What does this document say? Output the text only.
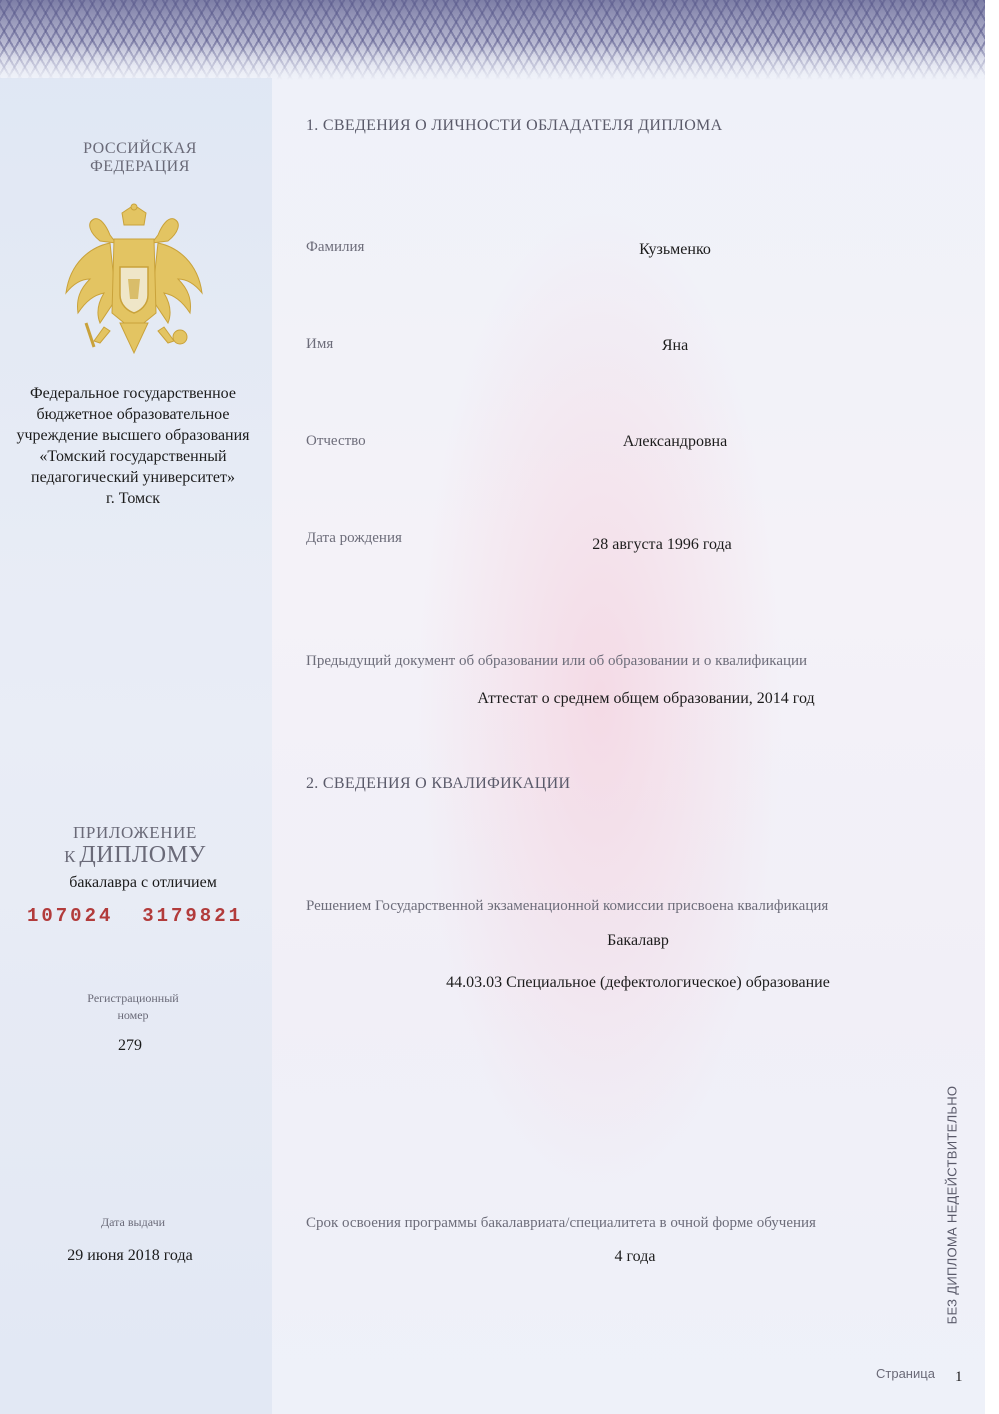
РОССИЙСКАЯ
ФЕДЕРАЦИЯ
Федеральное государственное
бюджетное образовательное
учреждение высшего образования
«Томский государственный
педагогический университет»
г. Томск
ПРИЛОЖЕНИЕ
К ДИПЛОМУ
бакалавра с отличием
107024 3179821
Регистрационный
номер
279
Дата выдачи
29 июня 2018 года
1. СВЕДЕНИЯ О ЛИЧНОСТИ ОБЛАДАТЕЛЯ ДИПЛОМА
Фамилия	Кузьменко
Имя	Яна
Отчество	Александровна
Дата рождения	28 августа 1996 года
Предыдущий документ об образовании или об образовании и о квалификации
Аттестат о среднем общем образовании, 2014 год
2. СВЕДЕНИЯ О КВАЛИФИКАЦИИ
Решением Государственной экзаменационной комиссии присвоена квалификация
Бакалавр
44.03.03 Специальное (дефектологическое) образование
Срок освоения программы бакалавриата/специалитета в очной форме обучения
4 года	БЕЗ ДИПЛОМА НЕДЕЙСТВИТЕЛЬНО
Страница 1
